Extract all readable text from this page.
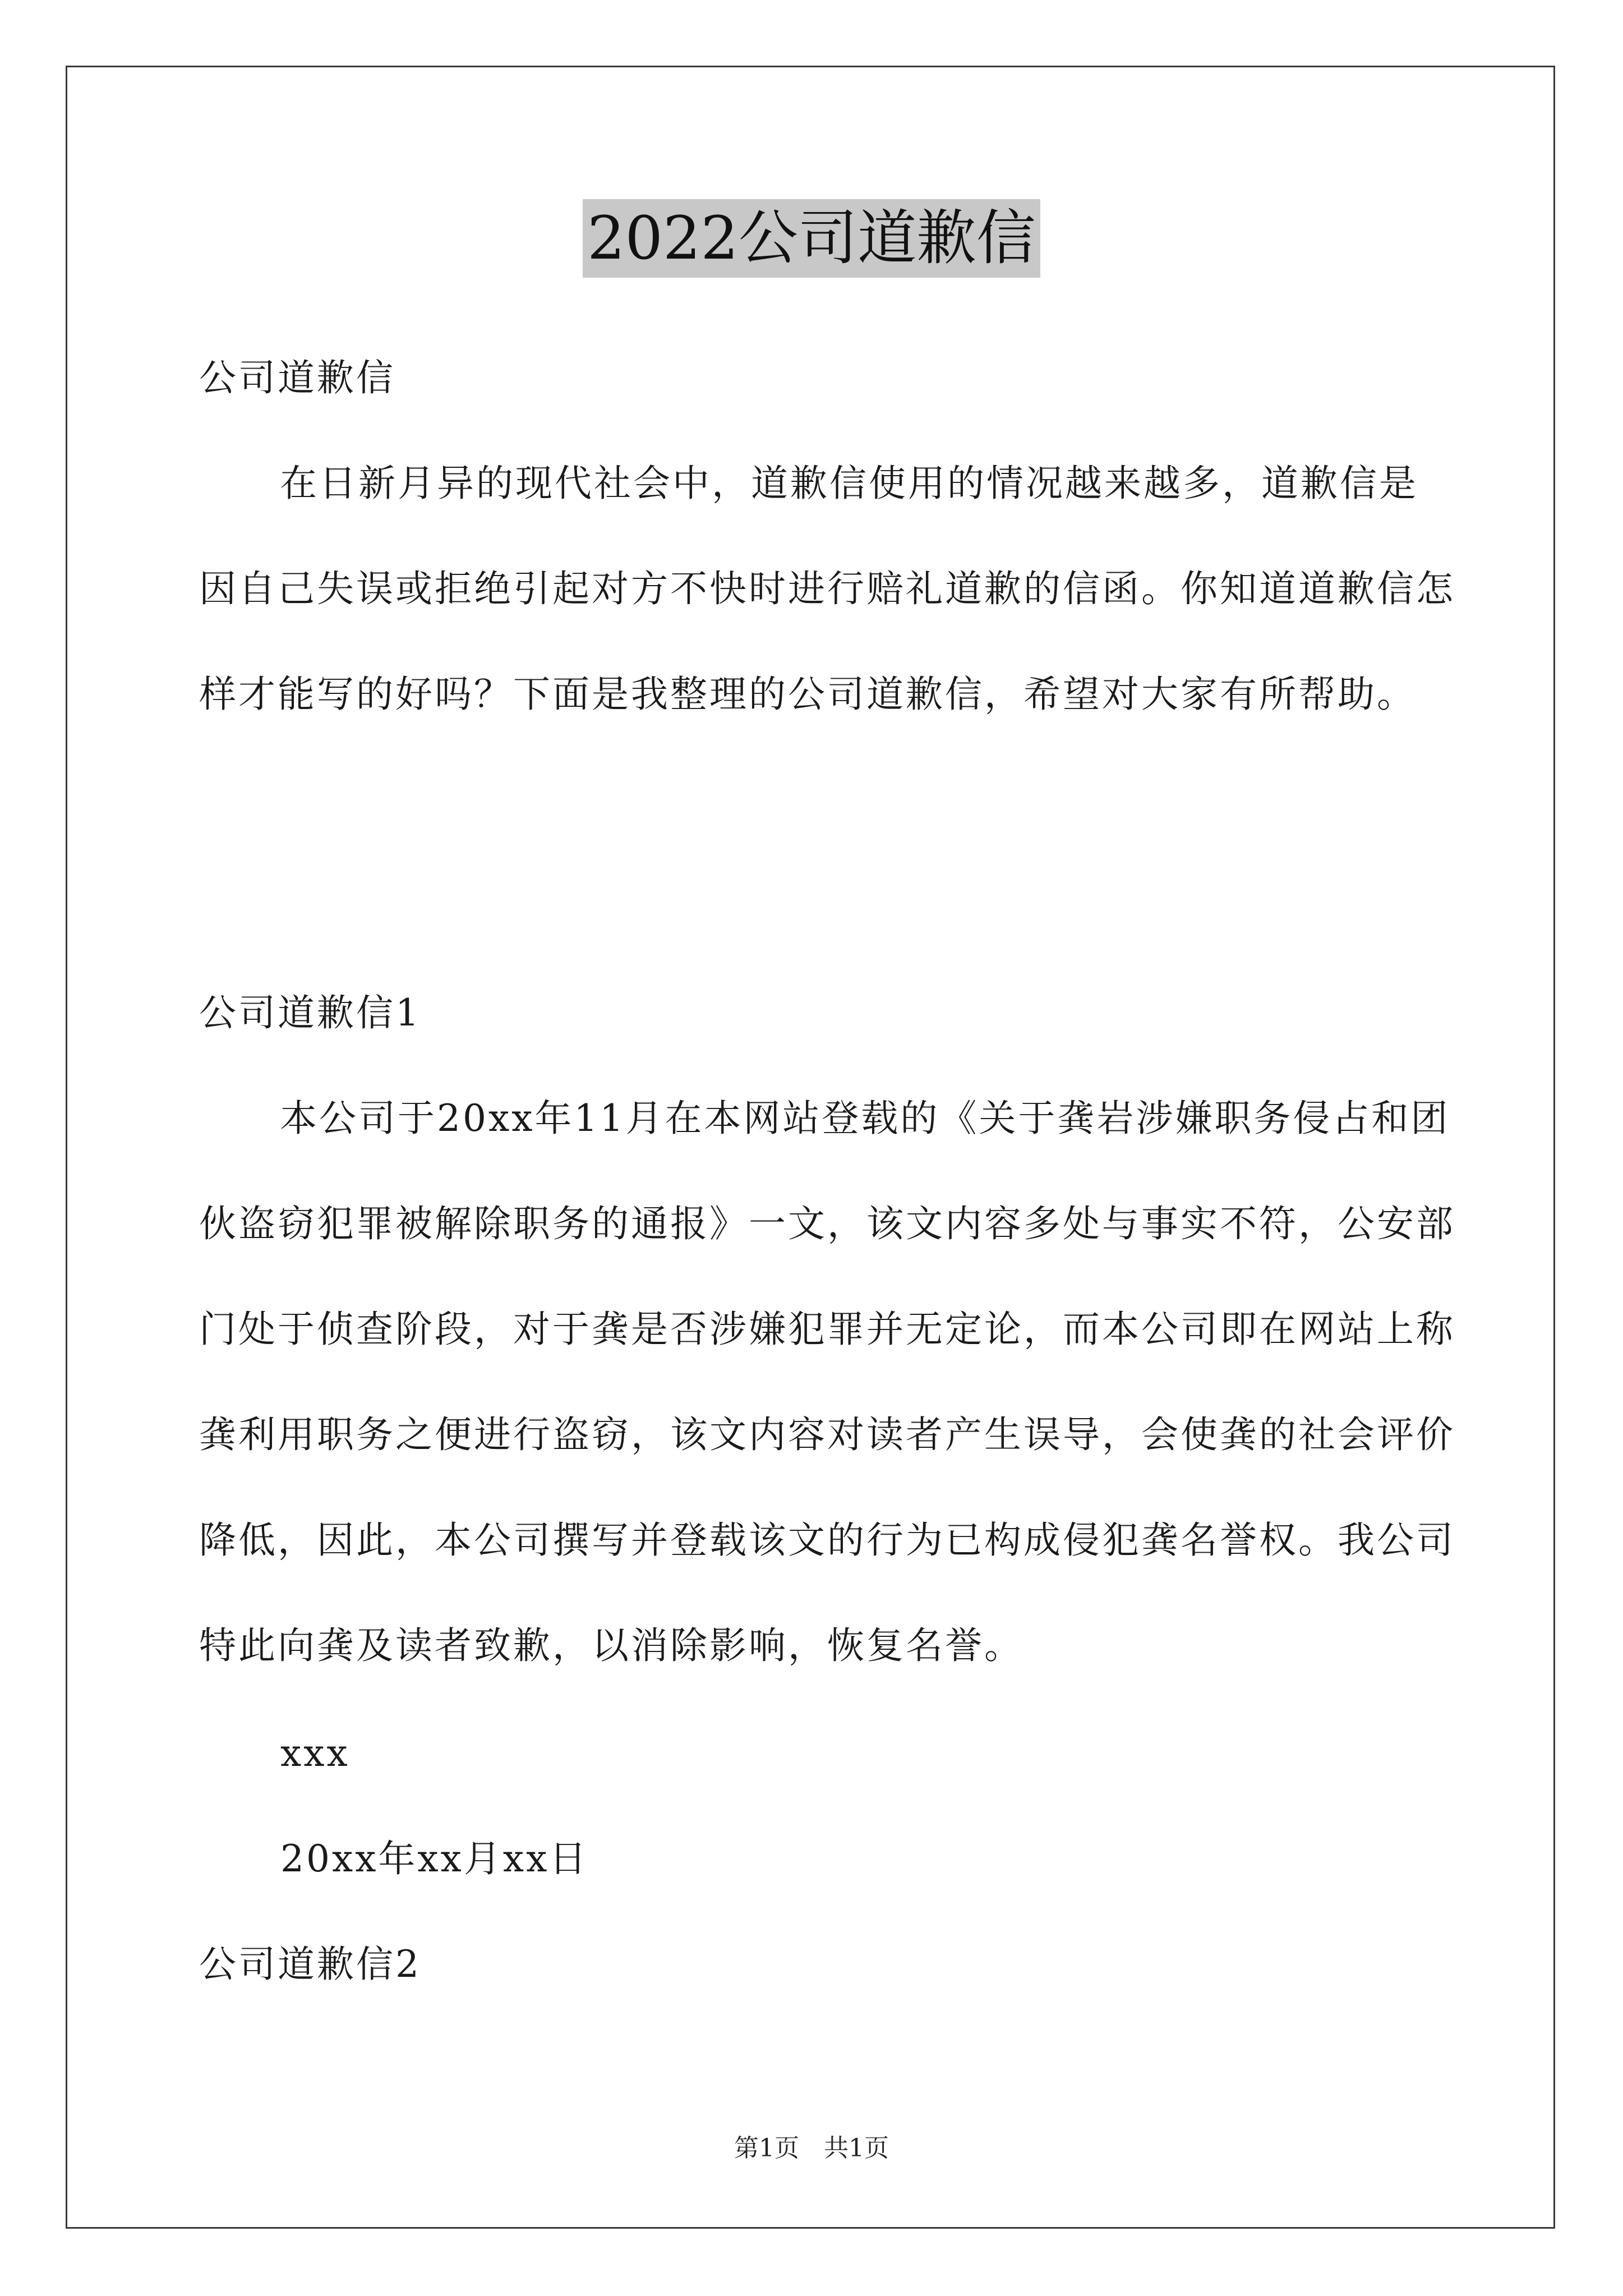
2022公司道歉信

公司道歉信

在日新月异的现代社会中，道歉信使用的情况越来越多，道歉信是因自己失误或拒绝引起对方不快时进行赔礼道歉的信函。你知道道歉信怎样才能写的好吗？下面是我整理的公司道歉信，希望对大家有所帮助。

公司道歉信1

本公司于20xx年11月在本网站登载的《关于龚岩涉嫌职务侵占和团伙盗窃犯罪被解除职务的通报》一文，该文内容多处与事实不符，公安部门处于侦查阶段，对于龚是否涉嫌犯罪并无定论，而本公司即在网站上称龚利用职务之便进行盗窃，该文内容对读者产生误导，会使龚的社会评价降低，因此，本公司撰写并登载该文的行为已构成侵犯龚名誉权。我公司特此向龚及读者致歉，以消除影响，恢复名誉。

xxx

20xx年xx月xx日

公司道歉信2

第1页　共1页
